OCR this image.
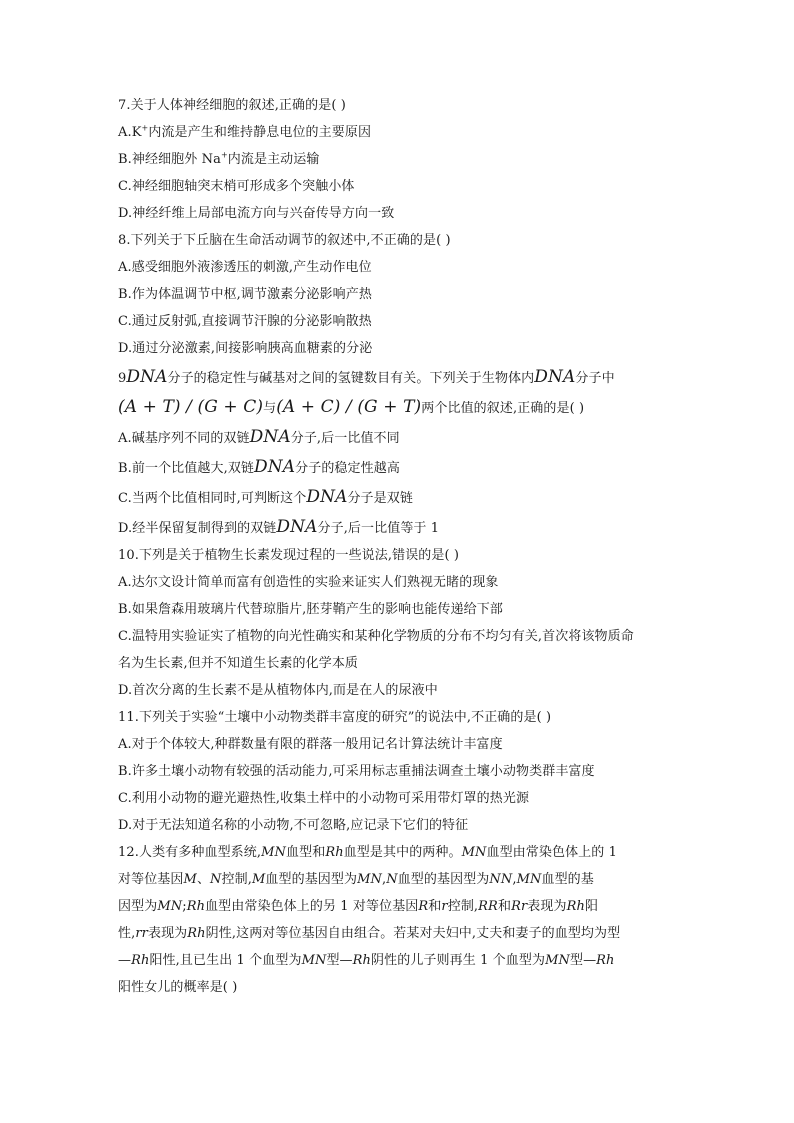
7.关于人体神经细胞的叙述,正确的是( )
A.K+内流是产生和维持静息电位的主要原因
B.神经细胞外 Na+内流是主动运输
C.神经细胞轴突末梢可形成多个突触小体
D.神经纤维上局部电流方向与兴奋传导方向一致
8.下列关于下丘脑在生命活动调节的叙述中,不正确的是( )
A.感受细胞外液渗透压的刺激,产生动作电位
B.作为体温调节中枢,调节激素分泌影响产热
C.通过反射弧,直接调节汗腺的分泌影响散热
D.通过分泌激素,间接影响胰高血糖素的分泌
9DNA分子的稳定性与碱基对之间的氢键数目有关。下列关于生物体内DNA分子中
(A + T) / (G + C)与(A + C) / (G + T)两个比值的叙述,正确的是( )
A.碱基序列不同的双链DNA分子,后一比值不同
B.前一个比值越大,双链DNA分子的稳定性越高
C.当两个比值相同时,可判断这个DNA分子是双链
D.经半保留复制得到的双链DNA分子,后一比值等于 1
10.下列是关于植物生长素发现过程的一些说法,错误的是( )
A.达尔文设计简单而富有创造性的实验来证实人们熟视无睹的现象
B.如果詹森用玻璃片代替琼脂片,胚芽鞘产生的影响也能传递给下部
C.温特用实验证实了植物的向光性确实和某种化学物质的分布不均匀有关,首次将该物质命
名为生长素,但并不知道生长素的化学本质
D.首次分离的生长素不是从植物体内,而是在人的尿液中
11.下列关于实验“土壤中小动物类群丰富度的研究”的说法中,不正确的是( )
A.对于个体较大,种群数量有限的群落一般用记名计算法统计丰富度
B.许多土壤小动物有较强的活动能力,可采用标志重捕法调查土壤小动物类群丰富度
C.利用小动物的避光避热性,收集土样中的小动物可采用带灯罩的热光源
D.对于无法知道名称的小动物,不可忽略,应记录下它们的特征
12.人类有多种血型系统,MN血型和Rh血型是其中的两种。MN血型由常染色体上的 1
对等位基因M、N控制,M血型的基因型为MN,N血型的基因型为NN,MN血型的基
因型为MN;Rh血型由常染色体上的另 1 对等位基因R和r控制,RR和Rr表现为Rh阳
性,rr表现为Rh阴性,这两对等位基因自由组合。若某对夫妇中,丈夫和妻子的血型均为型
—Rh阳性,且已生出 1 个血型为MN型—Rh阴性的儿子则再生 1 个血型为MN型—Rh
阳性女儿的概率是( )
